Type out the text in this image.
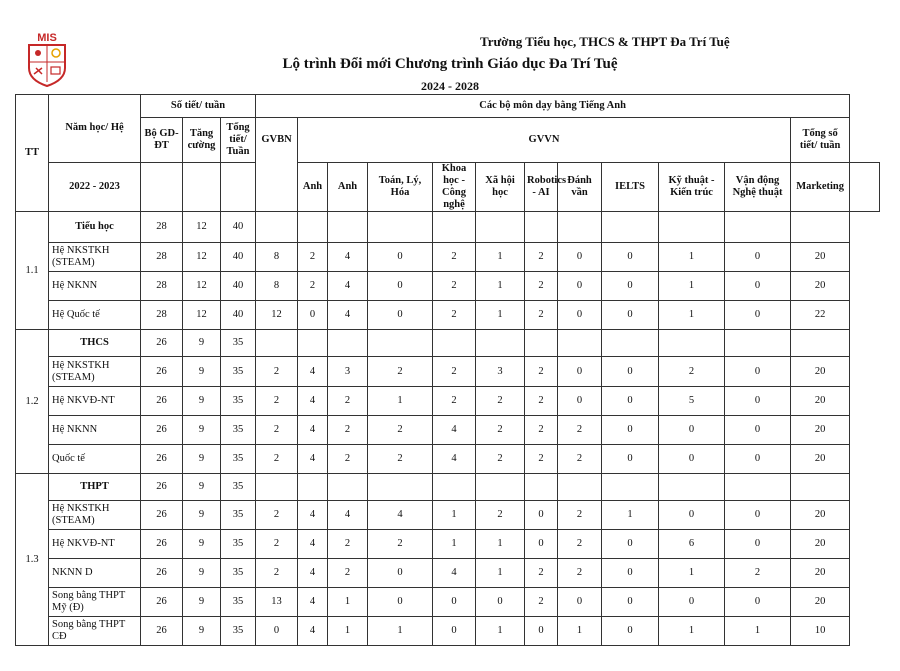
MIS	Trường Tiểu học, THCS & THPT Đa Trí Tuệ
Lộ trình Đổi mới Chương trình Giáo dục Đa Trí Tuệ
2024 - 2028
TT	Năm học/ Hệ	Số tiết/ tuần			Các bộ môn dạy bằng Tiếng Anh												
		Bộ GD-ĐT	Tăng cường	Tổng tiết/ Tuần	GVBN	GVVN										Tổng số tiết/ tuần	
	2022 - 2023					Anh	Anh	Toán, Lý, Hóa	Khoa học - Công nghệ	Xã hội học	Robotics - AI	Đánh vần	IELTS	Kỹ thuật - Kiến trúc	Vận động Nghệ thuật	Marketing	
1.1	Tiểu học	28	12	40													
	Hệ NKSTKH (STEAM)	28	12	40	8	2	4	0	2	1	2	0	0	1	0	20	
	Hệ NKNN	28	12	40	8	2	4	0	2	1	2	0	0	1	0	20	
	Hệ Quốc tế	28	12	40	12	0	4	0	2	1	2	0	0	1	0	22	
1.2	THCS	26	9	35													
	Hệ NKSTKH (STEAM)	26	9	35	2	4	3	2	2	3	2	0	0	2	0	20	
	Hệ NKVĐ-NT	26	9	35	2	4	2	1	2	2	2	0	0	5	0	20	
	Hệ NKNN	26	9	35	2	4	2	2	4	2	2	2	0	0	0	20	
	Quốc tế	26	9	35	2	4	2	2	4	2	2	2	0	0	0	20	
1.3	THPT	26	9	35													
	Hệ NKSTKH (STEAM)	26	9	35	2	4	4	4	1	2	0	2	1	0	0	20	
	Hệ NKVĐ-NT	26	9	35	2	4	2	2	1	1	0	2	0	6	0	20	
	NKNN D	26	9	35	2	4	2	0	4	1	2	2	0	1	2	20	
	Song bằng THPT Mỹ (Đ)	26	9	35	13	4	1	0	0	0	2	0	0	0	0	20	
	Song bằng THPT CĐ	26	9	35	0	4	1	1	0	1	0	1	0	1	1	10	
